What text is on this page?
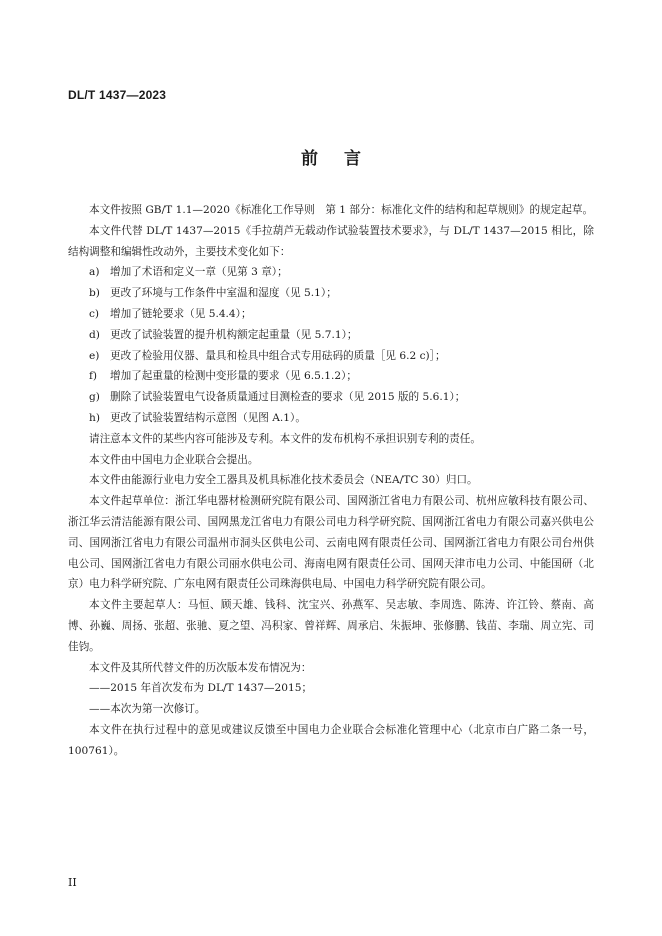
DL/T 1437—2023
前言

本文件按照 GB/T 1.1—2020《标准化工作导则　第 1 部分：标准化文件的结构和起草规则》的规定起草。

本文件代替 DL/T 1437—2015《手拉葫芦无载动作试验装置技术要求》，与 DL/T 1437—2015 相比，除结构调整和编辑性改动外，主要技术变化如下：

a) 增加了术语和定义一章（见第 3 章）；
b) 更改了环境与工作条件中室温和湿度（见 5.1）；
c) 增加了链轮要求（见 5.4.4）；
d) 更改了试验装置的提升机构额定起重量（见 5.7.1）；
e) 更改了检验用仪器、量具和检具中组合式专用砝码的质量［见 6.2 c)］；
f) 增加了起重量的检测中变形量的要求（见 6.5.1.2）；
g) 删除了试验装置电气设备质量通过目测检查的要求（见 2015 版的 5.6.1）；
h) 更改了试验装置结构示意图（见图 A.1）。

请注意本文件的某些内容可能涉及专利。本文件的发布机构不承担识别专利的责任。

本文件由中国电力企业联合会提出。

本文件由能源行业电力安全工器具及机具标准化技术委员会（NEA/TC 30）归口。

本文件起草单位：浙江华电器材检测研究院有限公司、国网浙江省电力有限公司、杭州应敏科技有限公司、浙江华云清洁能源有限公司、国网黑龙江省电力有限公司电力科学研究院、国网浙江省电力有限公司嘉兴供电公司、国网浙江省电力有限公司温州市洞头区供电公司、云南电网有限责任公司、国网浙江省电力有限公司台州供电公司、国网浙江省电力有限公司丽水供电公司、海南电网有限责任公司、国网天津市电力公司、中能国研（北京）电力科学研究院、广东电网有限责任公司珠海供电局、中国电力科学研究院有限公司。

本文件主要起草人：马恒、顾天雄、钱科、沈宝兴、孙燕军、吴志敏、李周选、陈涛、许江铃、蔡南、高博、孙巍、周扬、张超、张驰、夏之望、冯积家、曾祥辉、周承启、朱振坤、张修鹏、钱苗、李瑞、周立宪、司佳钧。

本文件及其所代替文件的历次版本发布情况为：

——2015 年首次发布为 DL/T 1437—2015；

——本次为第一次修订。

本文件在执行过程中的意见或建议反馈至中国电力企业联合会标准化管理中心（北京市白广路二条一号，100761）。

II
